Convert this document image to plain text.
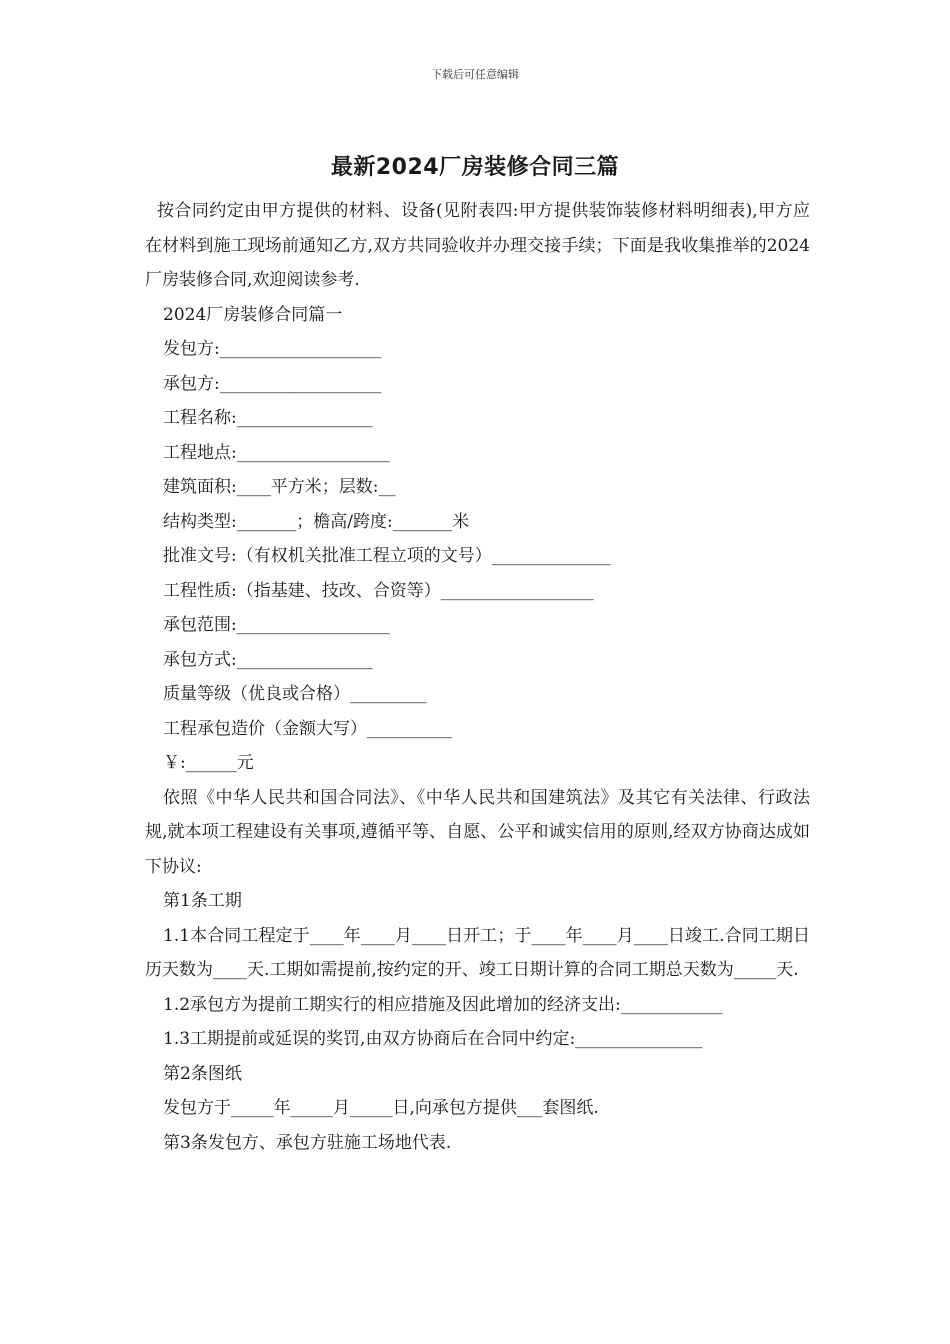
下载后可任意编辑
最新2024厂房装修合同三篇

按合同约定由甲方提供的材料、设备(见附表四:甲方提供装饰装修材料明细表),甲方应在材料到施工现场前通知乙方,双方共同验收并办理交接手续；下面是我收集推举的2024厂房装修合同,欢迎阅读参考.

2024厂房装修合同篇一

发包方:___________________

承包方:___________________

工程名称:________________

工程地点:__________________

建筑面积:____平方米；层数:__

结构类型:_______；檐高/跨度:_______米

批准文号:（有权机关批准工程立项的文号）______________

工程性质:（指基建、技改、合资等）__________________

承包范围:__________________

承包方式:________________

质量等级（优良或合格）_________

工程承包造价（金额大写）__________

￥:______元

依照《中华人民共和国合同法》、《中华人民共和国建筑法》及其它有关法律、行政法规,就本项工程建设有关事项,遵循平等、自愿、公平和诚实信用的原则,经双方协商达成如下协议:

第1条工期

1.1本合同工程定于____年____月____日开工；于____年____月____日竣工.合同工期日历天数为____天.工期如需提前,按约定的开、竣工日期计算的合同工期总天数为_____天.

1.2承包方为提前工期实行的相应措施及因此增加的经济支出:____________

1.3工期提前或延误的奖罚,由双方协商后在合同中约定:_______________

第2条图纸

发包方于_____年_____月_____日,向承包方提供___套图纸.

第3条发包方、承包方驻施工场地代表.
